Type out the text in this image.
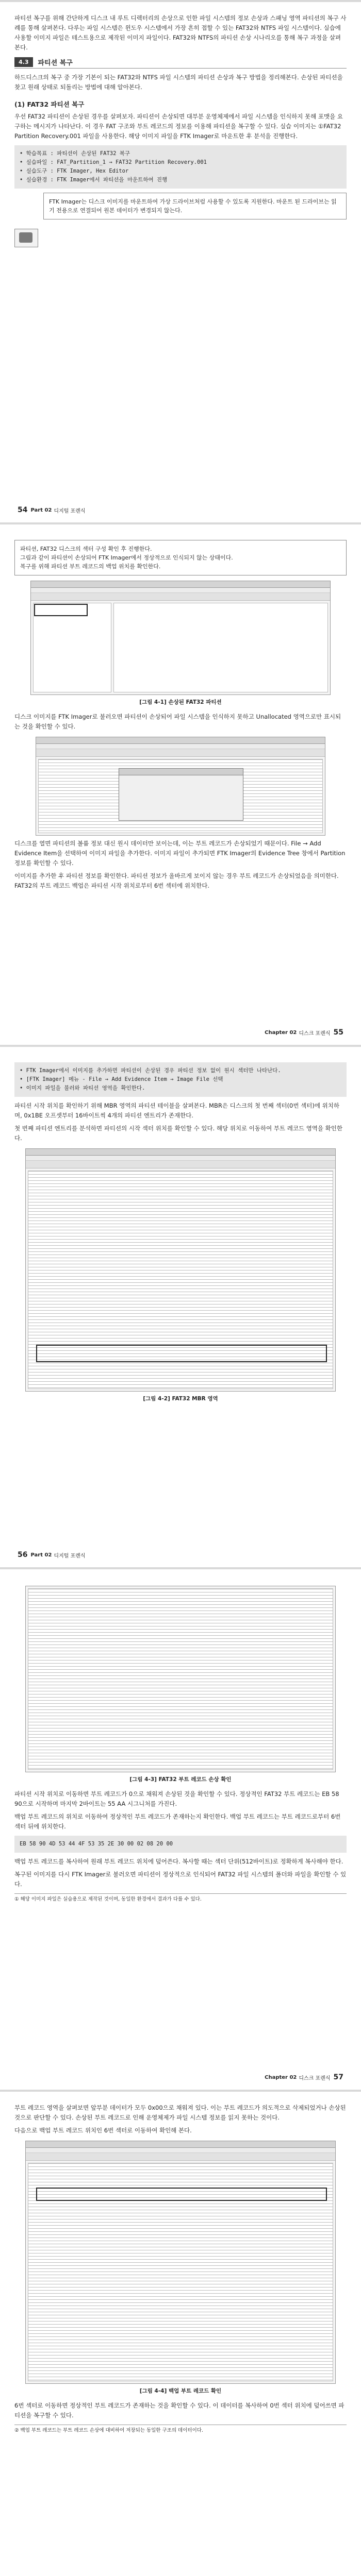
파티션 복구를 위해 간단하게 디스크 내 루트 디렉터리의 손상으로 인한 파일 시스템의 정보 손상과 스패닝 영역 파티션의 복구 사례를 통해 살펴본다. 다루는 파일 시스템은 윈도우 시스템에서 가장 흔히 접할 수 있는 FAT32와 NTFS 파일 시스템이다. 실습에 사용할 이미지 파일은 테스트용으로 제작된 이미지 파일이다. FAT32와 NTFS의 파티션 손상 시나리오를 통해 복구 과정을 살펴본다.

4.3	파티션 복구

하드디스크의 복구 중 가장 기본이 되는 FAT32와 NTFS 파일 시스템의 파티션 손상과 복구 방법을 정리해본다. 손상된 파티션을 찾고 원래 상태로 되돌리는 방법에 대해 알아본다.

(1) FAT32 파티션 복구

우선 FAT32 파티션이 손상된 경우를 살펴보자. 파티션이 손상되면 대부분 운영체제에서 파일 시스템을 인식하지 못해 포맷을 요구하는 메시지가 나타난다. 이 경우 FAT 구조와 부트 레코드의 정보를 이용해 파티션을 복구할 수 있다. 실습 이미지는 ①FAT32 Partition Recovery.001 파일을 사용한다. 해당 이미지 파일을 FTK Imager로 마운트한 후 분석을 진행한다.

• 학습목표 : 파티션이 손상된 FAT32 복구
• 실습파일 : FAT_Partition_1 → FAT32 Partition Recovery.001
• 실습도구 : FTK Imager, Hex Editor
• 실습환경 : FTK Imager에서 파티션을 마운트하여 진행
FTK Imager는 디스크 이미지를 마운트하여 가상 드라이브처럼 사용할 수 있도록 지원한다. 마운트 된 드라이브는 읽기 전용으로 연결되어 원본 데이터가 변경되지 않는다.
54 Part 02 디지털 포렌식
파티션, FAT32 디스크의 섹터 구성 확인 후 진행한다.
그림과 같이 파티션이 손상되어 FTK Imager에서 정상적으로 인식되지 않는 상태이다.
복구를 위해 파티션 부트 레코드의 백업 위치를 확인한다.
[그림 4-1] 손상된 FAT32 파티션

디스크 이미지를 FTK Imager로 불러오면 파티션이 손상되어 파일 시스템을 인식하지 못하고 Unallocated 영역으로만 표시되는 것을 확인할 수 있다.

디스크를 열면 파티션의 볼륨 정보 대신 원시 데이터만 보이는데, 이는 부트 레코드가 손상되었기 때문이다. File → Add Evidence Item을 선택하여 이미지 파일을 추가한다. 이미지 파일이 추가되면 FTK Imager의 Evidence Tree 창에서 Partition 정보를 확인할 수 있다.

이미지를 추가한 후 파티션 정보를 확인한다. 파티션 정보가 올바르게 보이지 않는 경우 부트 레코드가 손상되었음을 의미한다. FAT32의 부트 레코드 백업은 파티션 시작 위치로부터 6번 섹터에 위치한다.

Chapter 02 디스크 포렌식 55
• FTK Imager에서 이미지를 추가하면 파티션이 손상된 경우 파티션 정보 없이 원시 섹터만 나타난다.
• [FTK Imager] 메뉴 - File → Add Evidence Item → Image File 선택
• 이미지 파일을 불러와 파티션 영역을 확인한다.

파티션 시작 위치를 확인하기 위해 MBR 영역의 파티션 테이블을 살펴본다. MBR은 디스크의 첫 번째 섹터(0번 섹터)에 위치하며, 0x1BE 오프셋부터 16바이트씩 4개의 파티션 엔트리가 존재한다.

첫 번째 파티션 엔트리를 분석하면 파티션의 시작 섹터 위치를 확인할 수 있다. 해당 위치로 이동하여 부트 레코드 영역을 확인한다.

[그림 4-2] FAT32 MBR 영역
56 Part 02 디지털 포렌식
[그림 4-3] FAT32 부트 레코드 손상 확인

파티션 시작 위치로 이동하면 부트 레코드가 0으로 채워져 손상된 것을 확인할 수 있다. 정상적인 FAT32 부트 레코드는 EB 58 90으로 시작하며 마지막 2바이트는 55 AA 시그니처를 가진다.

백업 부트 레코드의 위치로 이동하여 정상적인 부트 레코드가 존재하는지 확인한다. 백업 부트 레코드는 부트 레코드로부터 6번 섹터 뒤에 위치한다.

EB 58 90 4D 53 44 4F 53 35 2E 30 00 02 08 20 00

백업 부트 레코드를 복사하여 원래 부트 레코드 위치에 덮어쓴다. 복사할 때는 섹터 단위(512바이트)로 정확하게 복사해야 한다.

복구된 이미지를 다시 FTK Imager로 불러오면 파티션이 정상적으로 인식되어 FAT32 파일 시스템의 폴더와 파일을 확인할 수 있다.

① 해당 이미지 파일은 실습용으로 제작된 것이며, 동일한 환경에서 결과가 다를 수 있다.
Chapter 02 디스크 포렌식 57

부트 레코드 영역을 살펴보면 앞부분 데이터가 모두 0x00으로 채워져 있다. 이는 부트 레코드가 의도적으로 삭제되었거나 손상된 것으로 판단할 수 있다. 손상된 부트 레코드로 인해 운영체제가 파일 시스템 정보를 읽지 못하는 것이다.

다음으로 백업 부트 레코드 위치인 6번 섹터로 이동하여 확인해 본다.

[그림 4-4] 백업 부트 레코드 확인

6번 섹터로 이동하면 정상적인 부트 레코드가 존재하는 것을 확인할 수 있다. 이 데이터를 복사하여 0번 섹터 위치에 덮어쓰면 파티션을 복구할 수 있다.

② 백업 부트 레코드는 부트 레코드 손상에 대비하여 저장되는 동일한 구조의 데이터이다.
